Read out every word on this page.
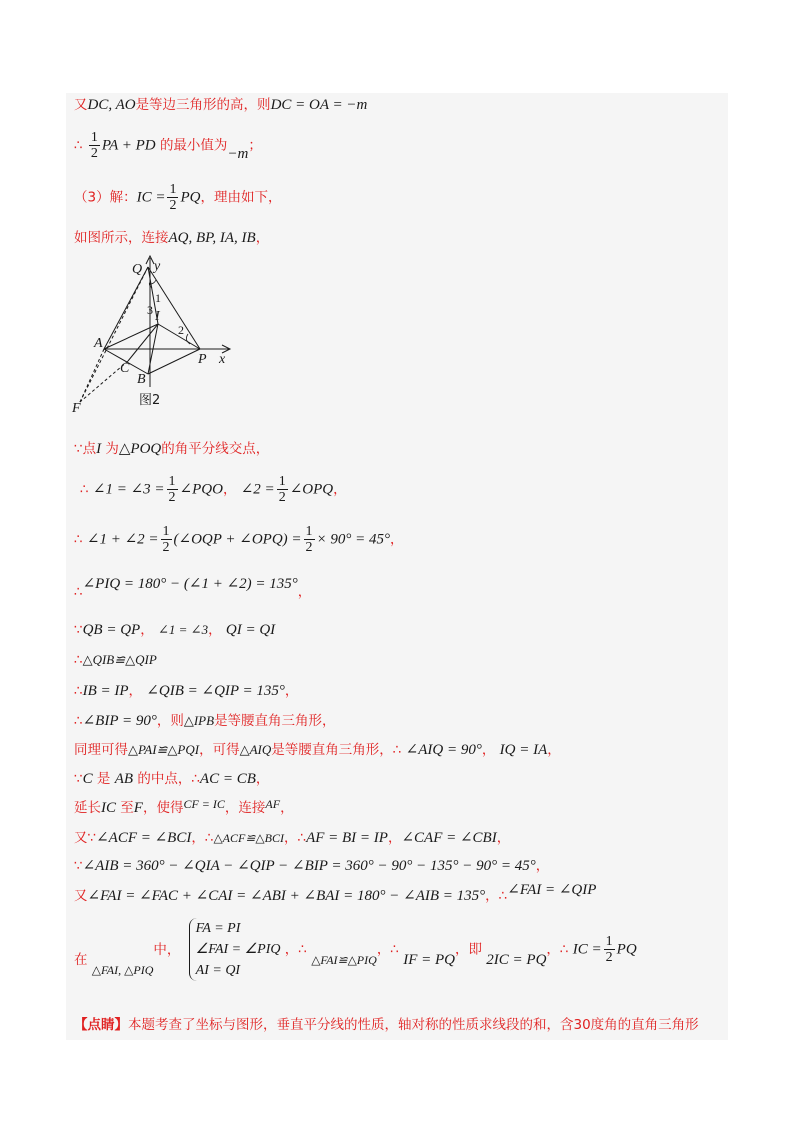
又DC, AO是等边三角形的高，则DC = OA = −m
∴ $\frac{1}{2}$ PA + PD 的最小值为−m；
（3）解：IC = $\frac{1}{2}$ PQ，理由如下，
如图所示，连接AQ, BP, IA, IB，
Q y
A
I
P x
C
B
F
1
3
2
图2
∵点I 为△POQ的角平分线交点，
∴ ∠1 = ∠3 = $\frac{1}{2}$ ∠PQO， ∠2 = $\frac{1}{2}$ ∠OPQ，
∴ ∠1 + ∠2 = $\frac{1}{2}$ (∠OQP + ∠OPQ) = $\frac{1}{2} \times 90^\circ = 45^\circ$，
∴∠PIQ = 180° − (∠1 + ∠2) = 135°，
∵QB = QP， ∠1 = ∠3， QI = QI
∴△QIB≌△QIP
∴IB = IP， ∠QIB = ∠QIP = 135°，
∴∠BIP = 90°，则△IPB是等腰直角三角形，
同理可得△PAI≌△PQI，可得△AIQ是等腰直角三角形，∴ ∠AIQ = 90°， IQ = IA，
∵C 是 AB 的中点，∴AC = CB，
延长IC 至F，使得CF = IC，连接AF，
又∵∠ACF = ∠BCI，∴△ACF≌△BCI，∴AF = BI = IP，∠CAF = ∠CBI，
∵∠AIB = 360° − ∠QIA − ∠QIP − ∠BIP = 360° − 90° − 135° − 90° = 45°，
又∠FAI = ∠FAC + ∠CAI = ∠ABI + ∠BAI = 180° − ∠AIB = 135°，∴∠FAI = ∠QIP
在 △FAI, △PIQ中，
FA = PI
∠FAI = ∠PIQ
AI = QI
，∴ △FAI≌△PIQ，∴ IF = PQ，即 2IC = PQ，∴ IC = $\frac{1}{2}$ PQ
【点睛】本题考查了坐标与图形，垂直平分线的性质，轴对称的性质求线段的和，含30度角的直角三角形
